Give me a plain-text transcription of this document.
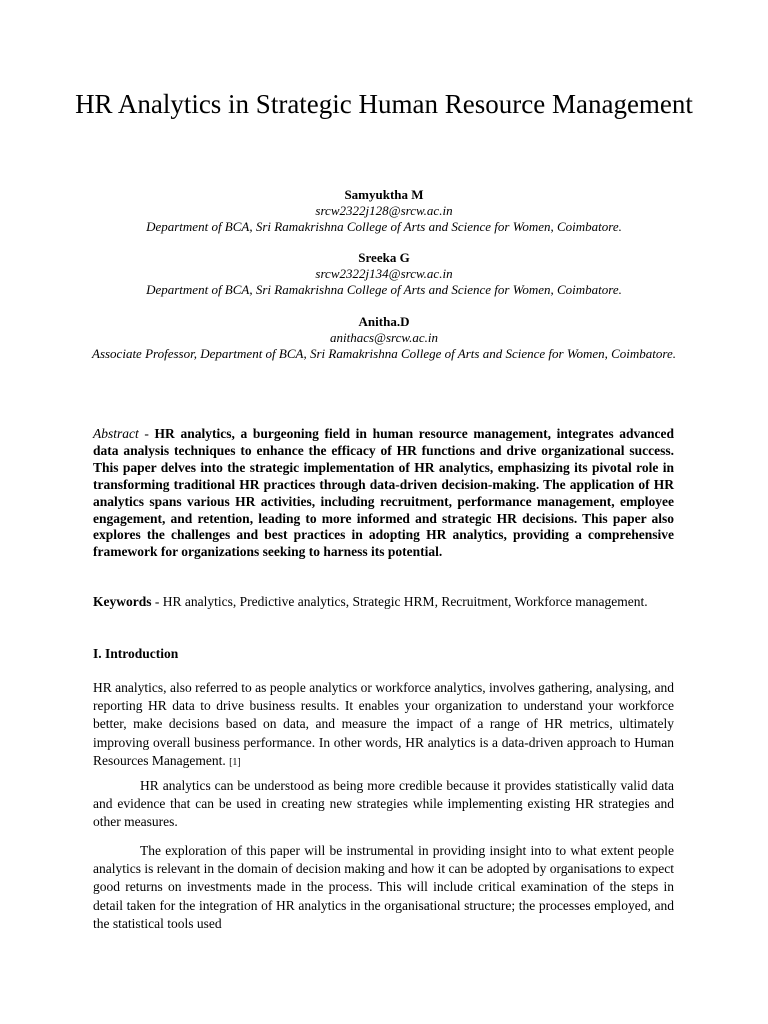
HR Analytics in Strategic Human Resource Management
Samyuktha M
srcw2322j128@srcw.ac.in
Department of BCA, Sri Ramakrishna College of Arts and Science for Women, Coimbatore.
Sreeka G
srcw2322j134@srcw.ac.in
Department of BCA, Sri Ramakrishna College of Arts and Science for Women, Coimbatore.
Anitha.D
anithacs@srcw.ac.in
Associate Professor, Department of BCA, Sri Ramakrishna College of Arts and Science for Women, Coimbatore.
Abstract - HR analytics, a burgeoning field in human resource management, integrates advanced data analysis techniques to enhance the efficacy of HR functions and drive organizational success. This paper delves into the strategic implementation of HR analytics, emphasizing its pivotal role in transforming traditional HR practices through data-driven decision-making. The application of HR analytics spans various HR activities, including recruitment, performance management, employee engagement, and retention, leading to more informed and strategic HR decisions. This paper also explores the challenges and best practices in adopting HR analytics, providing a comprehensive framework for organizations seeking to harness its potential.
Keywords - HR analytics, Predictive analytics, Strategic HRM, Recruitment, Workforce management.
I. Introduction
HR analytics, also referred to as people analytics or workforce analytics, involves gathering, analysing, and reporting HR data to drive business results. It enables your organization to understand your workforce better, make decisions based on data, and measure the impact of a range of HR metrics, ultimately improving overall business performance. In other words, HR analytics is a data-driven approach to Human Resources Management. [1]
HR analytics can be understood as being more credible because it provides statistically valid data and evidence that can be used in creating new strategies while implementing existing HR strategies and other measures.
The exploration of this paper will be instrumental in providing insight into to what extent people analytics is relevant in the domain of decision making and how it can be adopted by organisations to expect good returns on investments made in the process. This will include critical examination of the steps in detail taken for the integration of HR analytics in the organisational structure; the processes employed, and the statistical tools used
